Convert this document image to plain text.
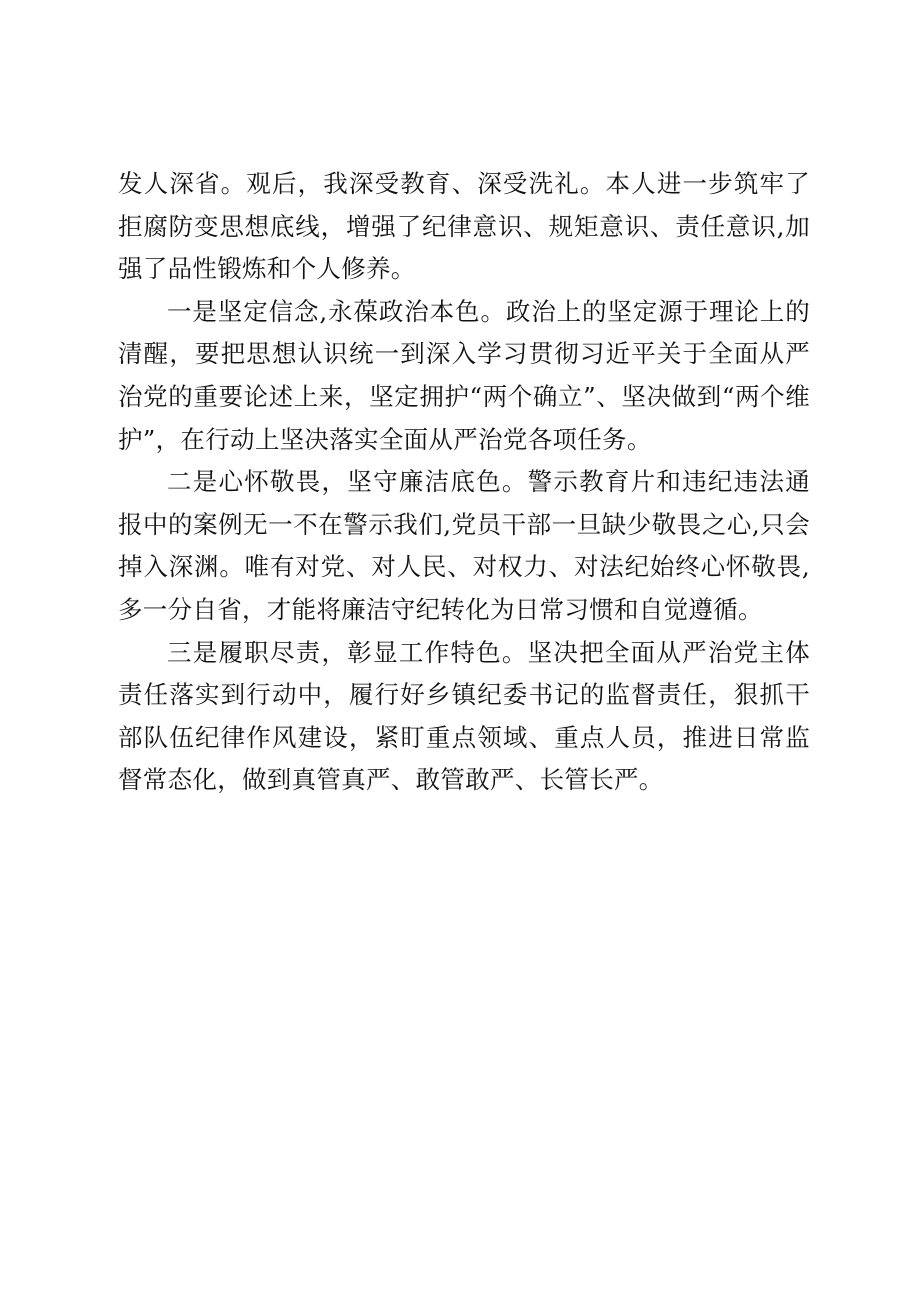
发人深省。观后，我深受教育、深受洗礼。本人进一步筑牢了拒腐防变思想底线，增强了纪律意识、规矩意识、责任意识,加强了品性锻炼和个人修养。

一是坚定信念,永葆政治本色。政治上的坚定源于理论上的清醒，要把思想认识统一到深入学习贯彻习近平关于全面从严治党的重要论述上来，坚定拥护“两个确立”、坚决做到“两个维护”，在行动上坚决落实全面从严治党各项任务。

二是心怀敬畏，坚守廉洁底色。警示教育片和违纪违法通报中的案例无一不在警示我们,党员干部一旦缺少敬畏之心,只会掉入深渊。唯有对党、对人民、对权力、对法纪始终心怀敬畏,多一分自省，才能将廉洁守纪转化为日常习惯和自觉遵循。

三是履职尽责，彰显工作特色。坚决把全面从严治党主体责任落实到行动中，履行好乡镇纪委书记的监督责任，狠抓干部队伍纪律作风建设，紧盯重点领域、重点人员，推进日常监督常态化，做到真管真严、敢管敢严、长管长严。
